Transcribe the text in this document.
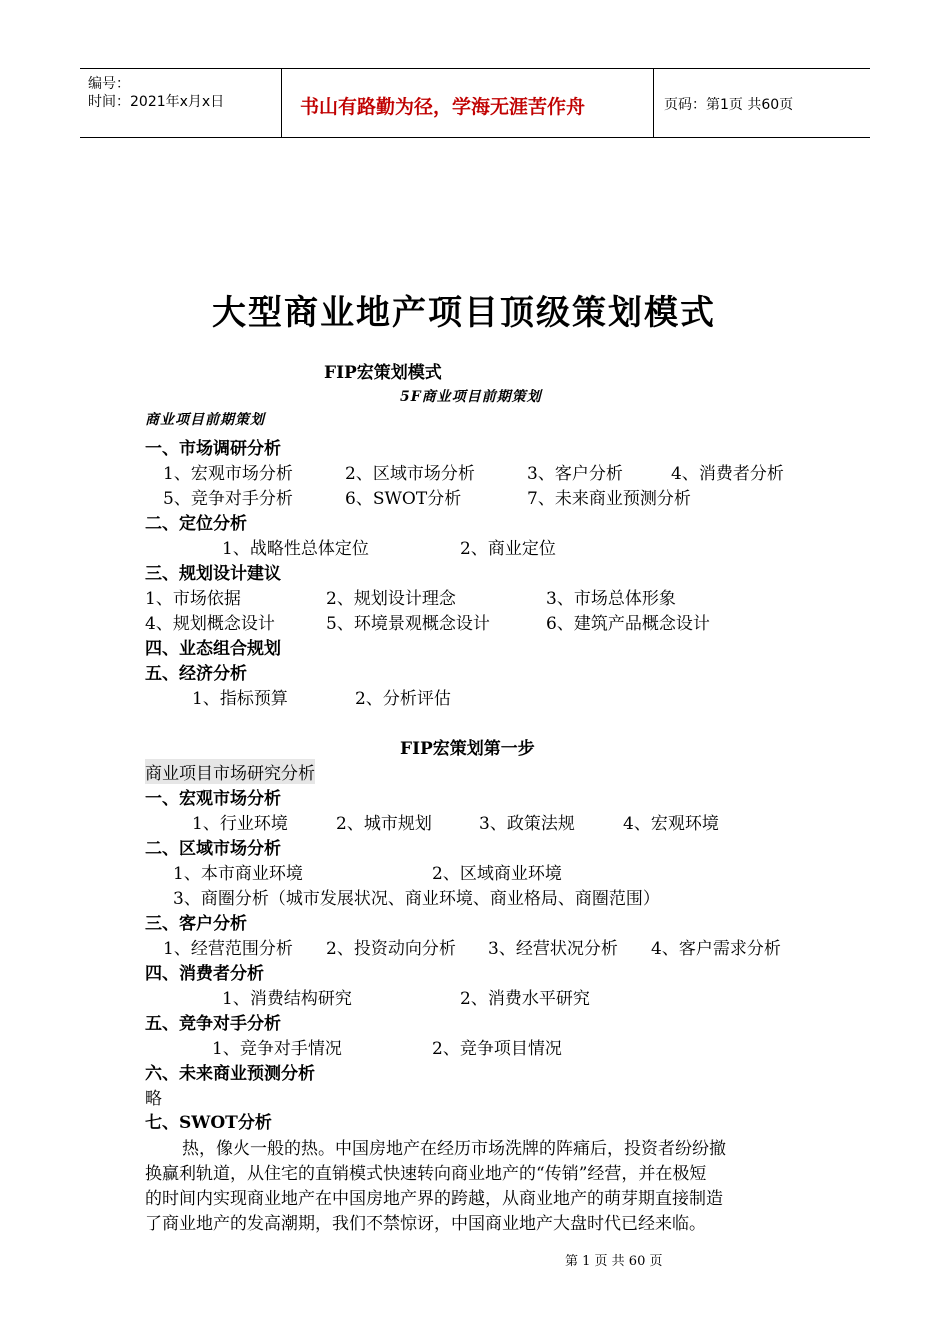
编号：
时间：2021年x月x日	书山有路勤为径，学海无涯苦作舟	页码：第1页 共60页
大型商业地产项目顶级策划模式
FIP宏策划模式
5F商业项目前期策划
商业项目前期策划
一、市场调研分析
1、宏观市场分析	2、区域市场分析	3、客户分析	4、消费者分析
5、竞争对手分析	6、SWOT分析	7、未来商业预测分析
二、定位分析
1、战略性总体定位	2、商业定位
三、规划设计建议
1、市场依据	2、规划设计理念	3、市场总体形象
4、规划概念设计	5、环境景观概念设计	6、建筑产品概念设计
四、业态组合规划
五、经济分析
1、指标预算	2、分析评估
FIP宏策划第一步
商业项目市场研究分析
一、宏观市场分析
1、行业环境	2、城市规划	3、政策法规	4、宏观环境
二、区域市场分析
1、本市商业环境	2、区域商业环境
3、商圈分析（城市发展状况、商业环境、商业格局、商圈范围）
三、客户分析
1、经营范围分析 2、投资动向分析 3、经营状况分析 4、客户需求分析
四、消费者分析
1、消费结构研究	2、消费水平研究
五、竞争对手分析
1、竞争对手情况	2、竞争项目情况
六、未来商业预测分析
略
七、SWOT分析
热，像火一般的热。中国房地产在经历市场洗牌的阵痛后，投资者纷纷撤
换赢利轨道，从住宅的直销模式快速转向商业地产的“传销”经营，并在极短
的时间内实现商业地产在中国房地产界的跨越，从商业地产的萌芽期直接制造
了商业地产的发高潮期，我们不禁惊讶，中国商业地产大盘时代已经来临。
第 1 页 共 60 页
